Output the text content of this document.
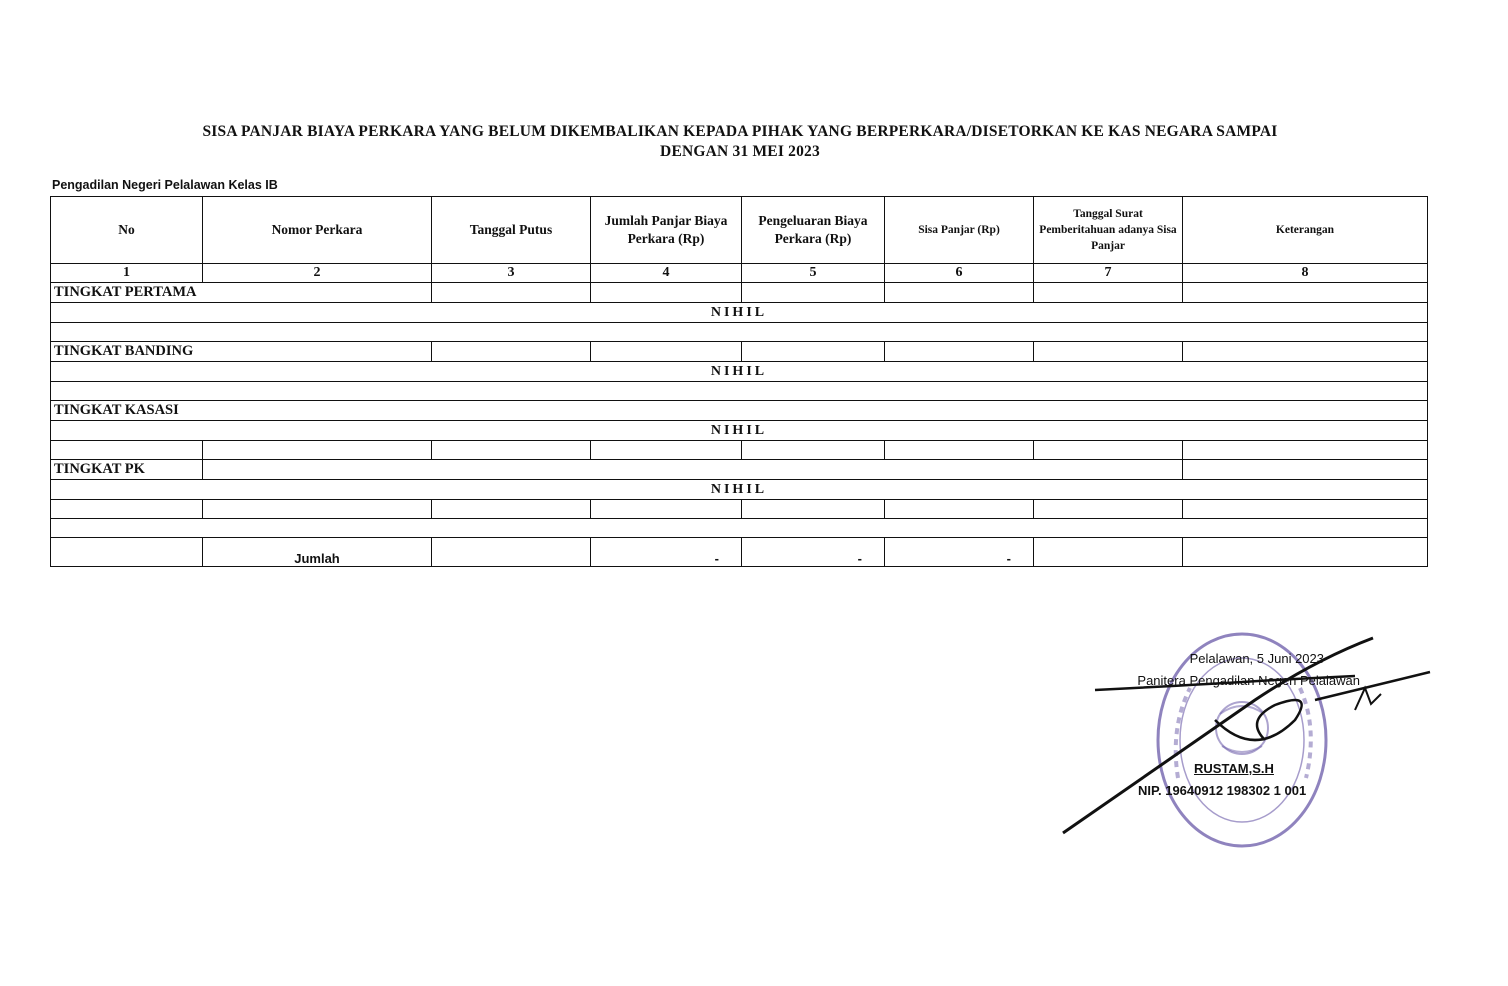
SISA PANJAR BIAYA PERKARA YANG BELUM DIKEMBALIKAN KEPADA PIHAK YANG BERPERKARA/DISETORKAN KE KAS NEGARA SAMPAI
DENGAN 31 MEI 2023
Pengadilan Negeri Pelalawan Kelas IB
No	Nomor Perkara	Tanggal Putus	Jumlah Panjar Biaya Perkara (Rp)	Pengeluaran Biaya Perkara (Rp)	Sisa Panjar (Rp)	Tanggal Surat Pemberitahuan adanya Sisa Panjar	Keterangan
1	2	3	4	5	6	7	8
TINGKAT PERTAMA							
NIHIL							

TINGKAT BANDING							
NIHIL							

TINGKAT KASASI							
NIHIL							

TINGKAT PK							
NIHIL							

	Jumlah		-	-	-		
Pelalawan, 5 Juni 2023
Panitera Pengadilan Negeri Pelalawan
RUSTAM,S.H
NIP. 19640912 198302 1 001
